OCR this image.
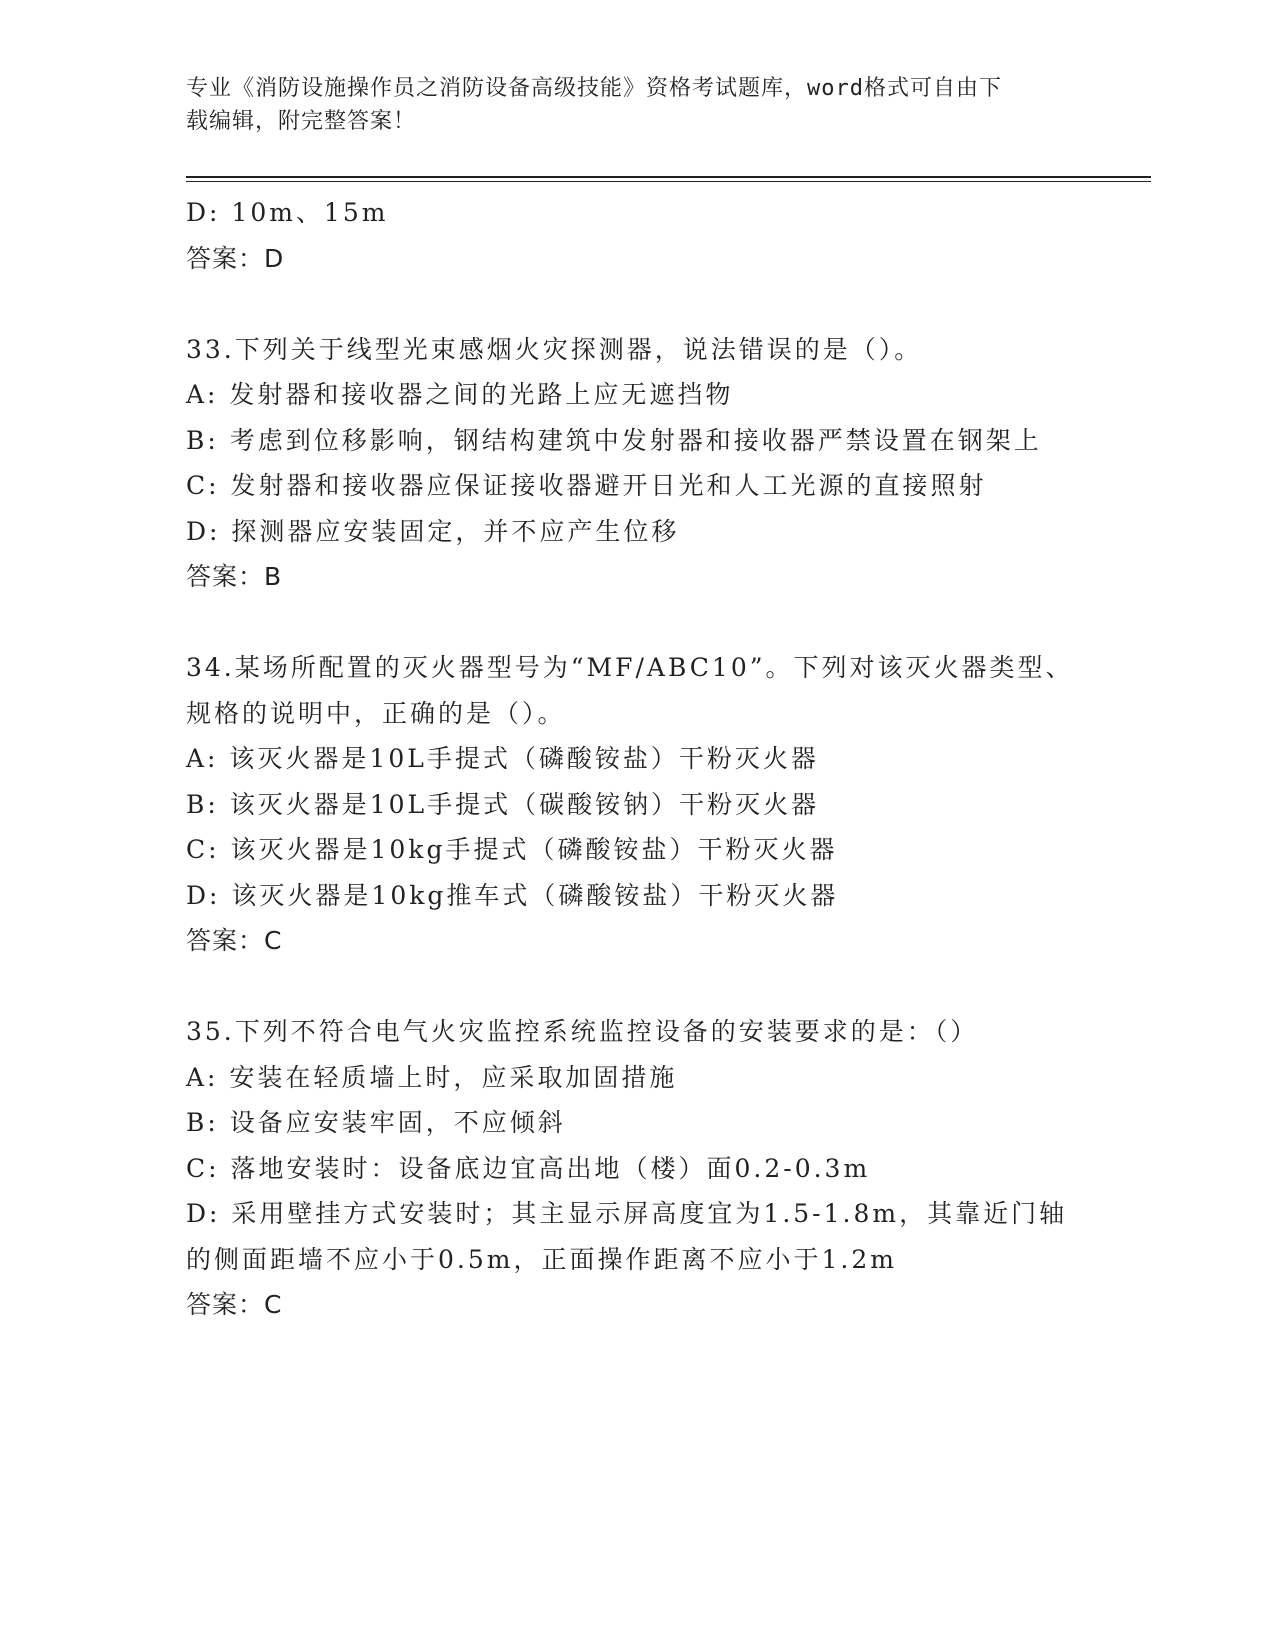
专业《消防设施操作员之消防设备高级技能》资格考试题库，word格式可自由下
载编辑，附完整答案！
D: 10m、15m
答案：D
33.下列关于线型光束感烟火灾探测器，说法错误的是（）。
A: 发射器和接收器之间的光路上应无遮挡物
B: 考虑到位移影响，钢结构建筑中发射器和接收器严禁设置在钢架上
C: 发射器和接收器应保证接收器避开日光和人工光源的直接照射
D: 探测器应安装固定，并不应产生位移
答案：B
34.某场所配置的灭火器型号为“MF/ABC10”。下列对该灭火器类型、
规格的说明中，正确的是（）。
A: 该灭火器是10L手提式（磷酸铵盐）干粉灭火器
B: 该灭火器是10L手提式（碳酸铵钠）干粉灭火器
C: 该灭火器是10kg手提式（磷酸铵盐）干粉灭火器
D: 该灭火器是10kg推车式（磷酸铵盐）干粉灭火器
答案：C
35.下列不符合电气火灾监控系统监控设备的安装要求的是：（）
A: 安装在轻质墙上时，应采取加固措施
B: 设备应安装牢固，不应倾斜
C: 落地安装时：设备底边宜高出地（楼）面0.2-0.3m
D: 采用壁挂方式安装时；其主显示屏高度宜为1.5-1.8m，其靠近门轴
的侧面距墙不应小于0.5m，正面操作距离不应小于1.2m
答案：C
